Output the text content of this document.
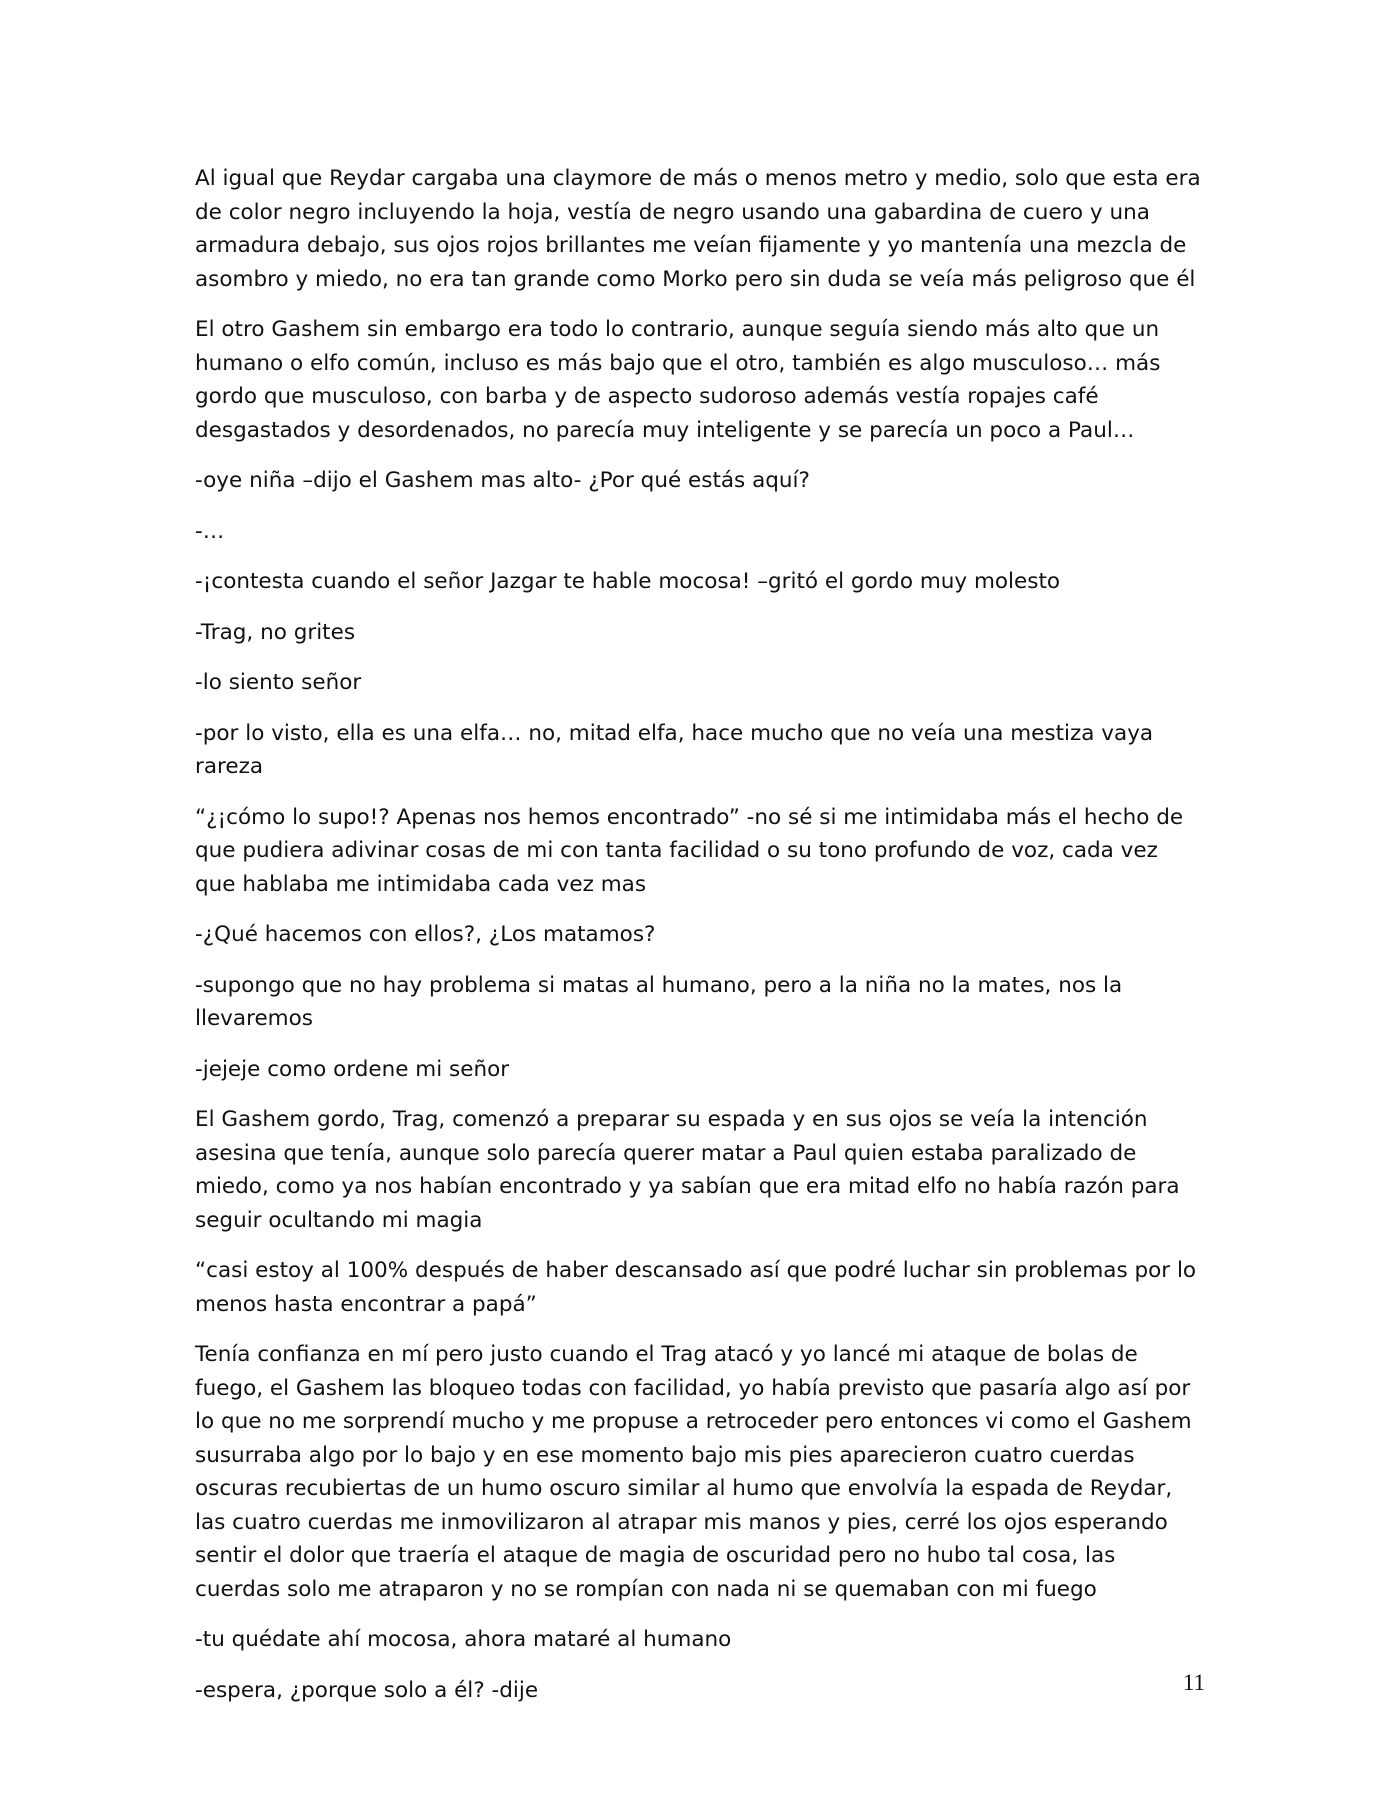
Al igual que Reydar cargaba una claymore de más o menos metro y medio, solo que esta era de color negro incluyendo la hoja, vestía de negro usando una gabardina de cuero y una armadura debajo, sus ojos rojos brillantes me veían fijamente y yo mantenía una mezcla de asombro y miedo, no era tan grande como Morko pero sin duda se veía más peligroso que él

El otro Gashem sin embargo era todo lo contrario, aunque seguía siendo más alto que un humano o elfo común, incluso es más bajo que el otro, también es algo musculoso… más gordo que musculoso, con barba y de aspecto sudoroso además vestía ropajes café desgastados y desordenados, no parecía muy inteligente y se parecía un poco a Paul…

-oye niña –dijo el Gashem mas alto- ¿Por qué estás aquí?

-…

-¡contesta cuando el señor Jazgar te hable mocosa! –gritó el gordo muy molesto

-Trag, no grites

-lo siento señor

-por lo visto, ella es una elfa… no, mitad elfa, hace mucho que no veía una mestiza vaya rareza

“¿¡cómo lo supo!? Apenas nos hemos encontrado” -no sé si me intimidaba más el hecho de que pudiera adivinar cosas de mi con tanta facilidad o su tono profundo de voz, cada vez que hablaba me intimidaba cada vez mas

-¿Qué hacemos con ellos?, ¿Los matamos?

-supongo que no hay problema si matas al humano, pero a la niña no la mates, nos la llevaremos

-jejeje como ordene mi señor

El Gashem gordo, Trag, comenzó a preparar su espada y en sus ojos se veía la intención asesina que tenía, aunque solo parecía querer matar a Paul quien estaba paralizado de miedo, como ya nos habían encontrado y ya sabían que era mitad elfo no había razón para seguir ocultando mi magia

“casi estoy al 100% después de haber descansado así que podré luchar sin problemas por lo menos hasta encontrar a papá”

Tenía confianza en mí pero justo cuando el Trag atacó y yo lancé mi ataque de bolas de fuego, el Gashem las bloqueo todas con facilidad, yo había previsto que pasaría algo así por lo que no me sorprendí mucho y me propuse a retroceder pero entonces vi como el Gashem susurraba algo por lo bajo y en ese momento bajo mis pies aparecieron cuatro cuerdas oscuras recubiertas de un humo oscuro similar al humo que envolvía la espada de Reydar, las cuatro cuerdas me inmovilizaron al atrapar mis manos y pies, cerré los ojos esperando sentir el dolor que traería el ataque de magia de oscuridad pero no hubo tal cosa, las cuerdas solo me atraparon y no se rompían con nada ni se quemaban con mi fuego

-tu quédate ahí mocosa, ahora mataré al humano

-espera, ¿porque solo a él? -dije	11
